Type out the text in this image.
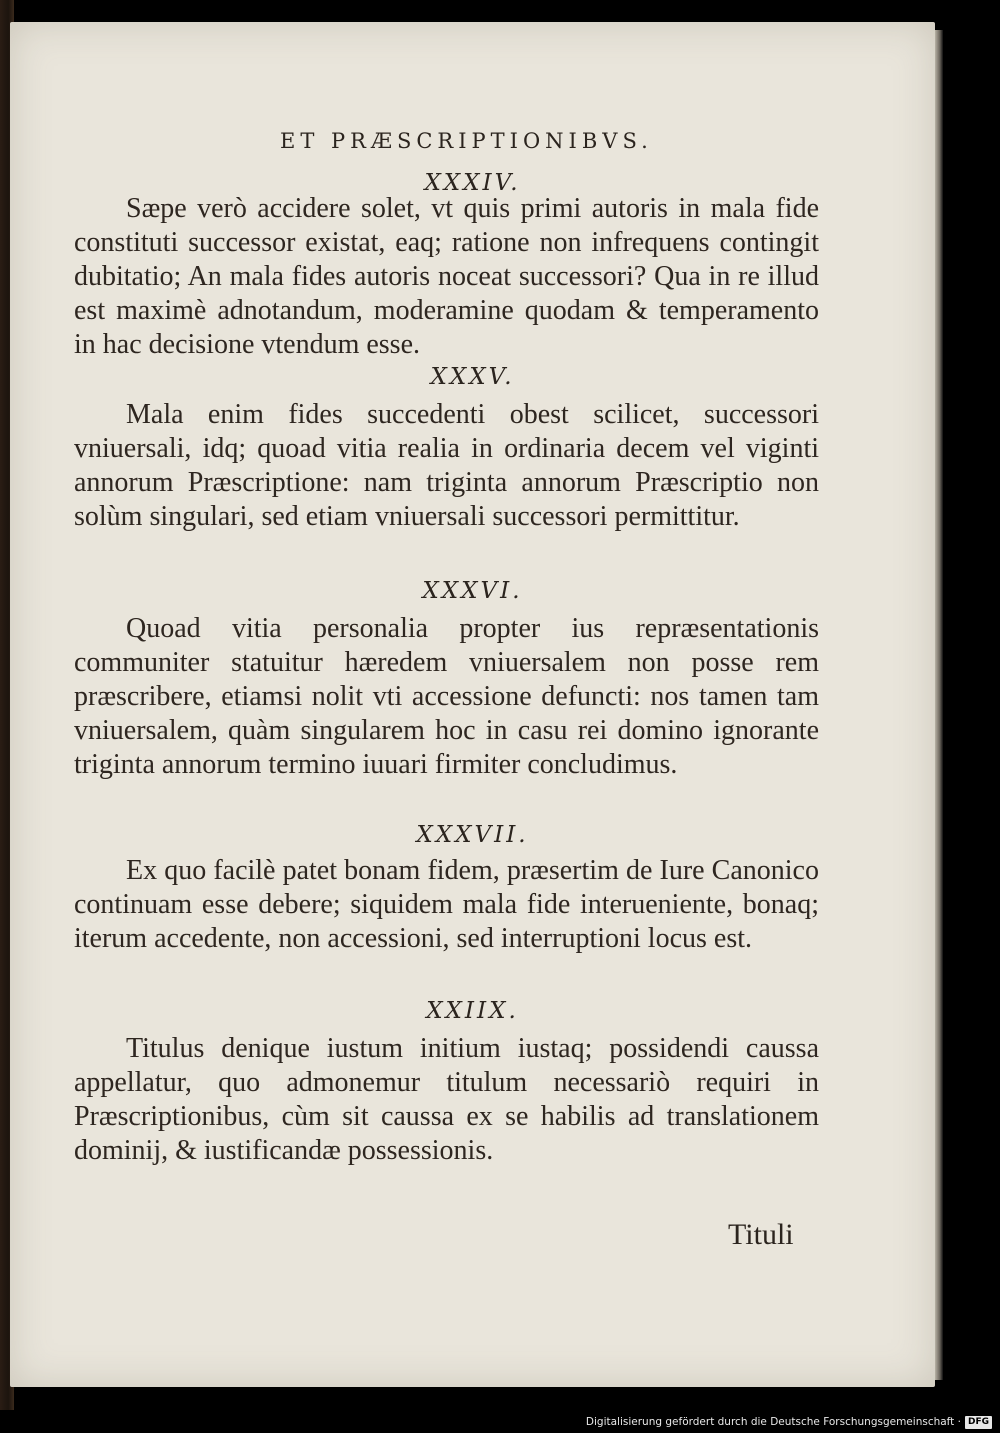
ET PRÆSCRIPTIONIBVS.
XXXIV.
Sæpe verò accidere solet, vt quis primi autoris in mala fide constituti successor existat, eaq; ratione non infrequens contingit dubitatio; An mala fides autoris noceat successori? Qua in re illud est maximè adnotandum, moderamine quodam & temperamento in hac decisione vtendum esse.
XXXV.
Mala enim fides succedenti obest scilicet, successori vniuersali, idq; quoad vitia realia in ordinaria decem vel viginti annorum Præscriptione: nam triginta annorum Præscriptio non solùm singulari, sed etiam vniuersali successori permittitur.
XXXVI.
Quoad vitia personalia propter ius repræsentationis communiter statuitur hæredem vniuersalem non posse rem præscribere, etiamsi nolit vti accessione defuncti: nos tamen tam vniuersalem, quàm singularem hoc in casu rei domino ignorante triginta annorum termino iuuari firmiter concludimus.
XXXVII.
Ex quo facilè patet bonam fidem, præsertim de Iure Canonico continuam esse debere; siquidem mala fide interueniente, bonaq; iterum accedente, non accessioni, sed interruptioni locus est.
XXIIX.
Titulus denique iustum initium iustaq; possidendi caussa appellatur, quo admonemur titulum necessariò requiri in Præscriptionibus, cùm sit caussa ex se habilis ad translationem dominij, & iustificandæ possessionis.
Tituli
Digitalisierung gefördert durch die Deutsche Forschungsgemeinschaft · DFG
